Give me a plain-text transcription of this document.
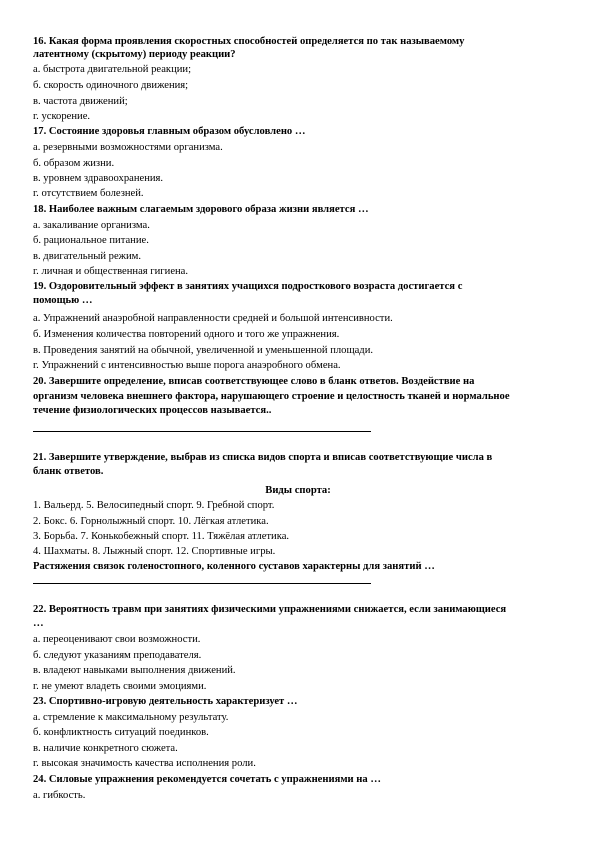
16. Какая форма проявления скоростных способностей определяется по так называемому
латентному (скрытому) периоду реакции?
а. быстрота двигательной реакции;
б. скорость одиночного движения;
в. частота движений;
г. ускорение.
17. Состояние здоровья главным образом обусловлено …
а. резервными возможностями организма.
б. образом жизни.
в. уровнем здравоохранения.
г. отсутствием болезней.
18. Наиболее важным слагаемым здорового образа жизни является …
а. закаливание организма.
б. рациональное питание.
в. двигательный режим.
г. личная и общественная гигиена.
19. Оздоровительный эффект в занятиях учащихся подросткового возраста достигается с
помощью …
а. Упражнений анаэробной направленности средней и большой интенсивности.
б. Изменения количества повторений одного и того же упражнения.
в. Проведения занятий на обычной, увеличенной и уменьшенной площади.
г. Упражнений с интенсивностью выше порога анаэробного обмена.
20. Завершите определение, вписав соответствующее слово в бланк ответов. Воздействие на
организм человека внешнего фактора, нарушающего строение и целостность тканей и нормальное
течение физиологических процессов называется..
21. Завершите утверждение, выбрав из списка видов спорта и вписав соответствующие числа в
бланк ответов.
Виды спорта:
1. Вальерд. 5. Велосипедный спорт. 9. Гребной спорт.
2. Бокс. 6. Горнолыжный спорт. 10. Лёгкая атлетика.
3. Борьба. 7. Конькобежный спорт. 11. Тяжёлая атлетика.
4. Шахматы. 8. Лыжный спорт. 12. Спортивные игры.
Растяжения связок голеностопного, коленного суставов характерны для занятий …
22. Вероятность травм при занятиях физическими упражнениями снижается, если занимающиеся
…
а. переоценивают свои возможности.
б. следуют указаниям преподавателя.
в. владеют навыками выполнения движений.
г. не умеют владеть своими эмоциями.
23. Спортивно-игровую деятельность характеризует …
а. стремление к максимальному результату.
б. конфликтность ситуаций поединков.
в. наличие конкретного сюжета.
г. высокая значимость качества исполнения роли.
24. Силовые упражнения рекомендуется сочетать с упражнениями на …
а. гибкость.
